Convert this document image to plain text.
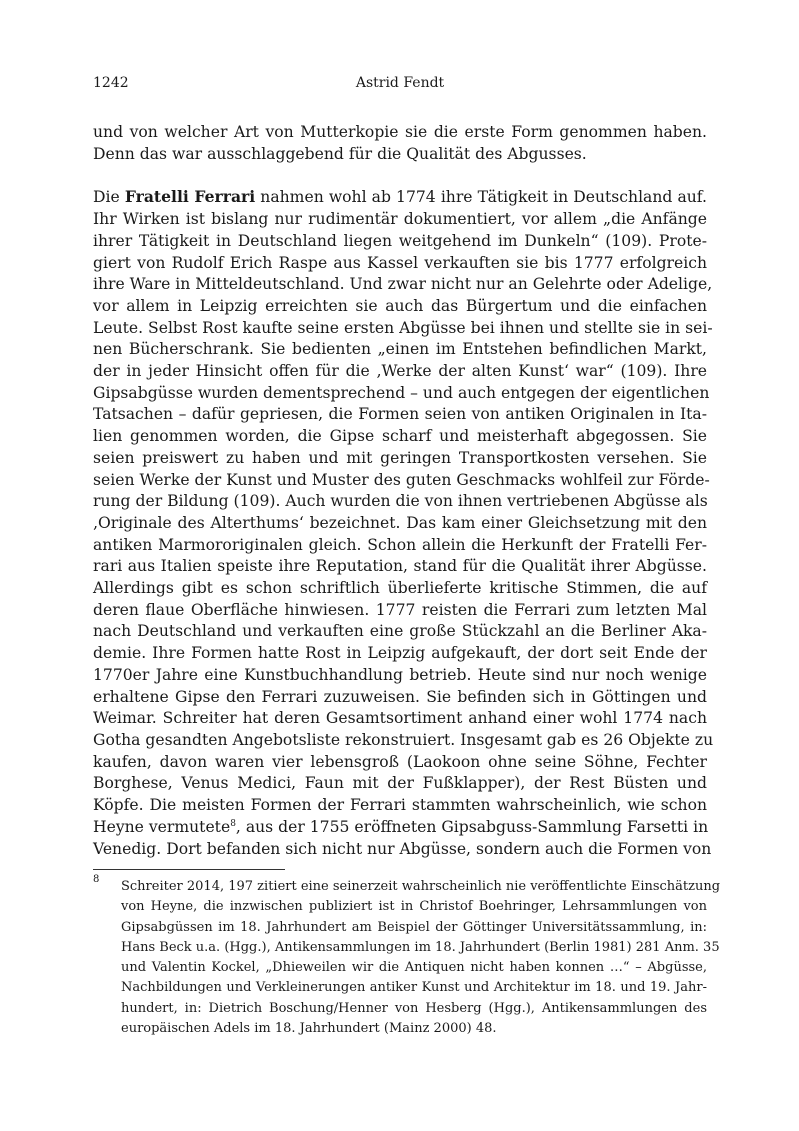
1242	Astrid Fendt
und von welcher Art von Mutterkopie sie die erste Form genommen haben.
Denn das war ausschlaggebend für die Qualität des Abgusses.
Die Fratelli Ferrari nahmen wohl ab 1774 ihre Tätigkeit in Deutschland auf.
Ihr Wirken ist bislang nur rudimentär dokumentiert, vor allem „die Anfänge
ihrer Tätigkeit in Deutschland liegen weitgehend im Dunkeln“ (109). Prote-
giert von Rudolf Erich Raspe aus Kassel verkauften sie bis 1777 erfolgreich
ihre Ware in Mitteldeutschland. Und zwar nicht nur an Gelehrte oder Adelige,
vor allem in Leipzig erreichten sie auch das Bürgertum und die einfachen
Leute. Selbst Rost kaufte seine ersten Abgüsse bei ihnen und stellte sie in sei-
nen Bücherschrank. Sie bedienten „einen im Entstehen befindlichen Markt,
der in jeder Hinsicht offen für die ‚Werke der alten Kunst‘ war“ (109). Ihre
Gipsabgüsse wurden dementsprechend – und auch entgegen der eigentlichen
Tatsachen – dafür gepriesen, die Formen seien von antiken Originalen in Ita-
lien genommen worden, die Gipse scharf und meisterhaft abgegossen. Sie
seien preiswert zu haben und mit geringen Transportkosten versehen. Sie
seien Werke der Kunst und Muster des guten Geschmacks wohlfeil zur Förde-
rung der Bildung (109). Auch wurden die von ihnen vertriebenen Abgüsse als
‚Originale des Alterthums‘ bezeichnet. Das kam einer Gleichsetzung mit den
antiken Marmororiginalen gleich. Schon allein die Herkunft der Fratelli Fer-
rari aus Italien speiste ihre Reputation, stand für die Qualität ihrer Abgüsse.
Allerdings gibt es schon schriftlich überlieferte kritische Stimmen, die auf
deren flaue Oberfläche hinwiesen. 1777 reisten die Ferrari zum letzten Mal
nach Deutschland und verkauften eine große Stückzahl an die Berliner Aka-
demie. Ihre Formen hatte Rost in Leipzig aufgekauft, der dort seit Ende der
1770er Jahre eine Kunstbuchhandlung betrieb. Heute sind nur noch wenige
erhaltene Gipse den Ferrari zuzuweisen. Sie befinden sich in Göttingen und
Weimar. Schreiter hat deren Gesamtsortiment anhand einer wohl 1774 nach
Gotha gesandten Angebotsliste rekonstruiert. Insgesamt gab es 26 Objekte zu
kaufen, davon waren vier lebensgroß (Laokoon ohne seine Söhne, Fechter
Borghese, Venus Medici, Faun mit der Fußklapper), der Rest Büsten und
Köpfe. Die meisten Formen der Ferrari stammten wahrscheinlich, wie schon
Heyne vermutete$^8$, aus der 1755 eröffneten Gipsabguss-Sammlung Farsetti in
Venedig. Dort befanden sich nicht nur Abgüsse, sondern auch die Formen von
8 Schreiter 2014, 197 zitiert eine seinerzeit wahrscheinlich nie veröffentlichte Einschätzung
von Heyne, die inzwischen publiziert ist in Christof Boehringer, Lehrsammlungen von
Gipsabgüssen im 18. Jahrhundert am Beispiel der Göttinger Universitätssammlung, in:
Hans Beck u.a. (Hgg.), Antikensammlungen im 18. Jahrhundert (Berlin 1981) 281 Anm. 35
und Valentin Kockel, „Dhieweilen wir die Antiquen nicht haben konnen …“ – Abgüsse,
Nachbildungen und Verkleinerungen antiker Kunst und Architektur im 18. und 19. Jahr-
hundert, in: Dietrich Boschung/Henner von Hesberg (Hgg.), Antikensammlungen des
europäischen Adels im 18. Jahrhundert (Mainz 2000) 48.
